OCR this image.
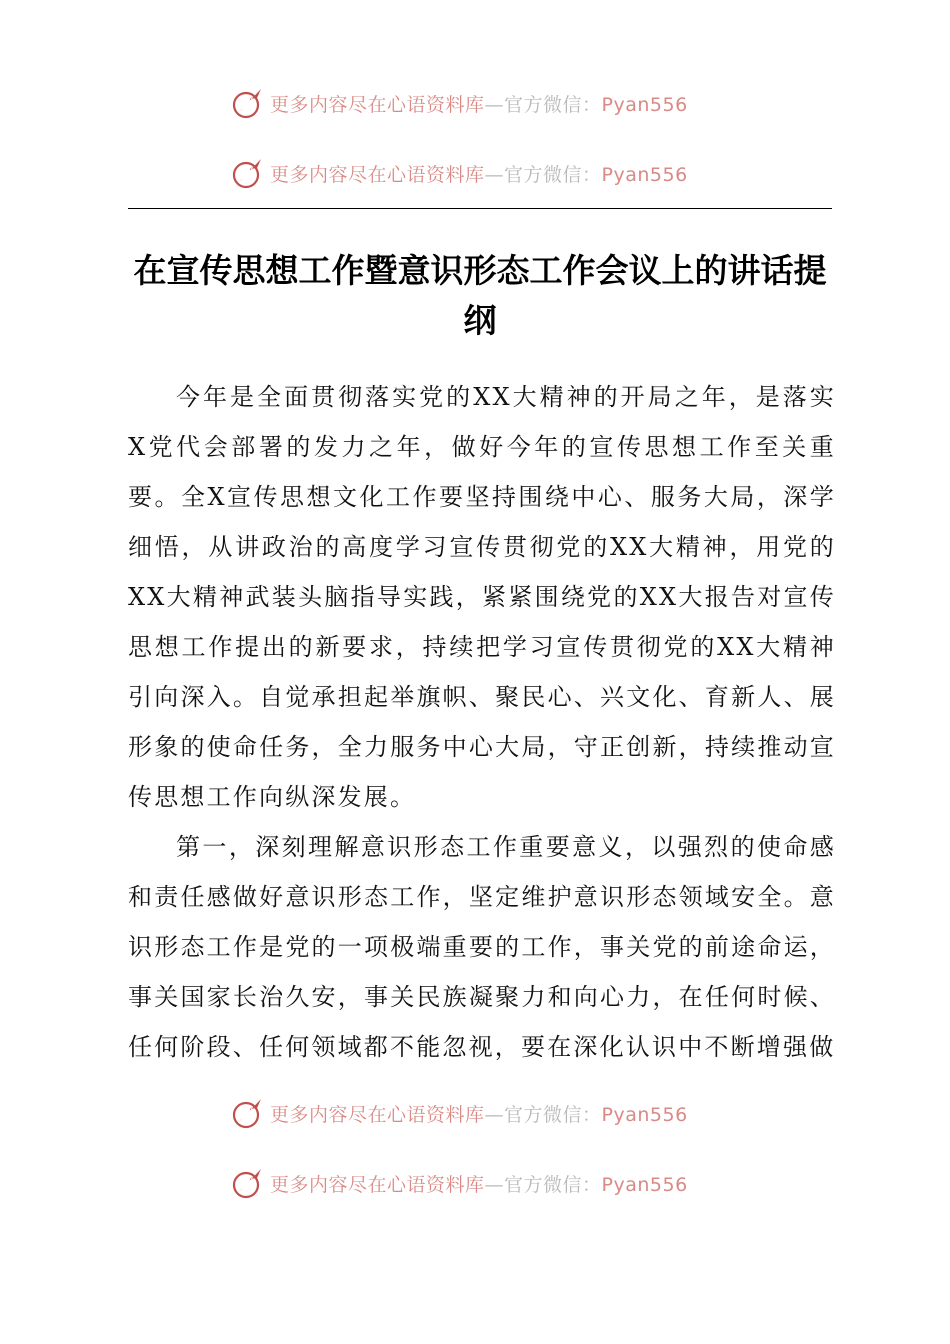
更多内容尽在心语资料库—官方微信：Pyan556
更多内容尽在心语资料库—官方微信：Pyan556
在宣传思想工作暨意识形态工作会议上的讲话提纲

今年是全面贯彻落实党的XX大精神的开局之年，是落实X党代会部署的发力之年，做好今年的宣传思想工作至关重要。全X宣传思想文化工作要坚持围绕中心、服务大局，深学细悟，从讲政治的高度学习宣传贯彻党的XX大精神，用党的XX大精神武装头脑指导实践，紧紧围绕党的XX大报告对宣传思想工作提出的新要求，持续把学习宣传贯彻党的XX大精神引向深入。自觉承担起举旗帜、聚民心、兴文化、育新人、展形象的使命任务，全力服务中心大局，守正创新，持续推动宣传思想工作向纵深发展。

第一，深刻理解意识形态工作重要意义，以强烈的使命感和责任感做好意识形态工作，坚定维护意识形态领域安全。意识形态工作是党的一项极端重要的工作，事关党的前途命运，事关国家长治久安，事关民族凝聚力和向心力，在任何时候、任何阶段、任何领域都不能忽视，要在深化认识中不断增强做

更多内容尽在心语资料库—官方微信：Pyan556
更多内容尽在心语资料库—官方微信：Pyan556
